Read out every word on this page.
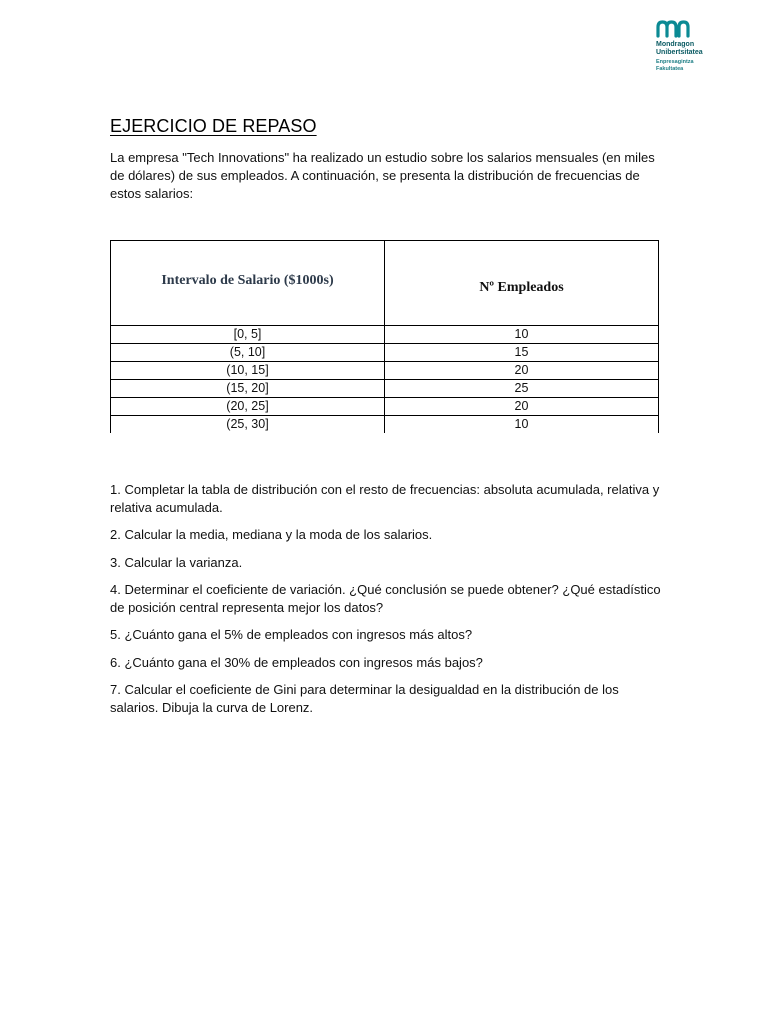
Mondragon
Unibertsitatea
Enpresagintza
Fakultatea
EJERCICIO DE REPASO

La empresa "Tech Innovations" ha realizado un estudio sobre los salarios mensuales (en miles de dólares) de sus empleados. A continuación, se presenta la distribución de frecuencias de estos salarios:

Intervalo de Salario ($1000s)	Nº Empleados
[0, 5]	10
(5, 10]	15
(10, 15]	20
(15, 20]	25
(20, 25]	20
(25, 30]	10
1. Completar la tabla de distribución con el resto de frecuencias: absoluta acumulada, relativa y relativa acumulada.
2. Calcular la media, mediana y la moda de los salarios.
3. Calcular la varianza.
4. Determinar el coeficiente de variación. ¿Qué conclusión se puede obtener? ¿Qué estadístico de posición central representa mejor los datos?
5. ¿Cuánto gana el 5% de empleados con ingresos más altos?
6. ¿Cuánto gana el 30% de empleados con ingresos más bajos?
7. Calcular el coeficiente de Gini para determinar la desigualdad en la distribución de los salarios. Dibuja la curva de Lorenz.
